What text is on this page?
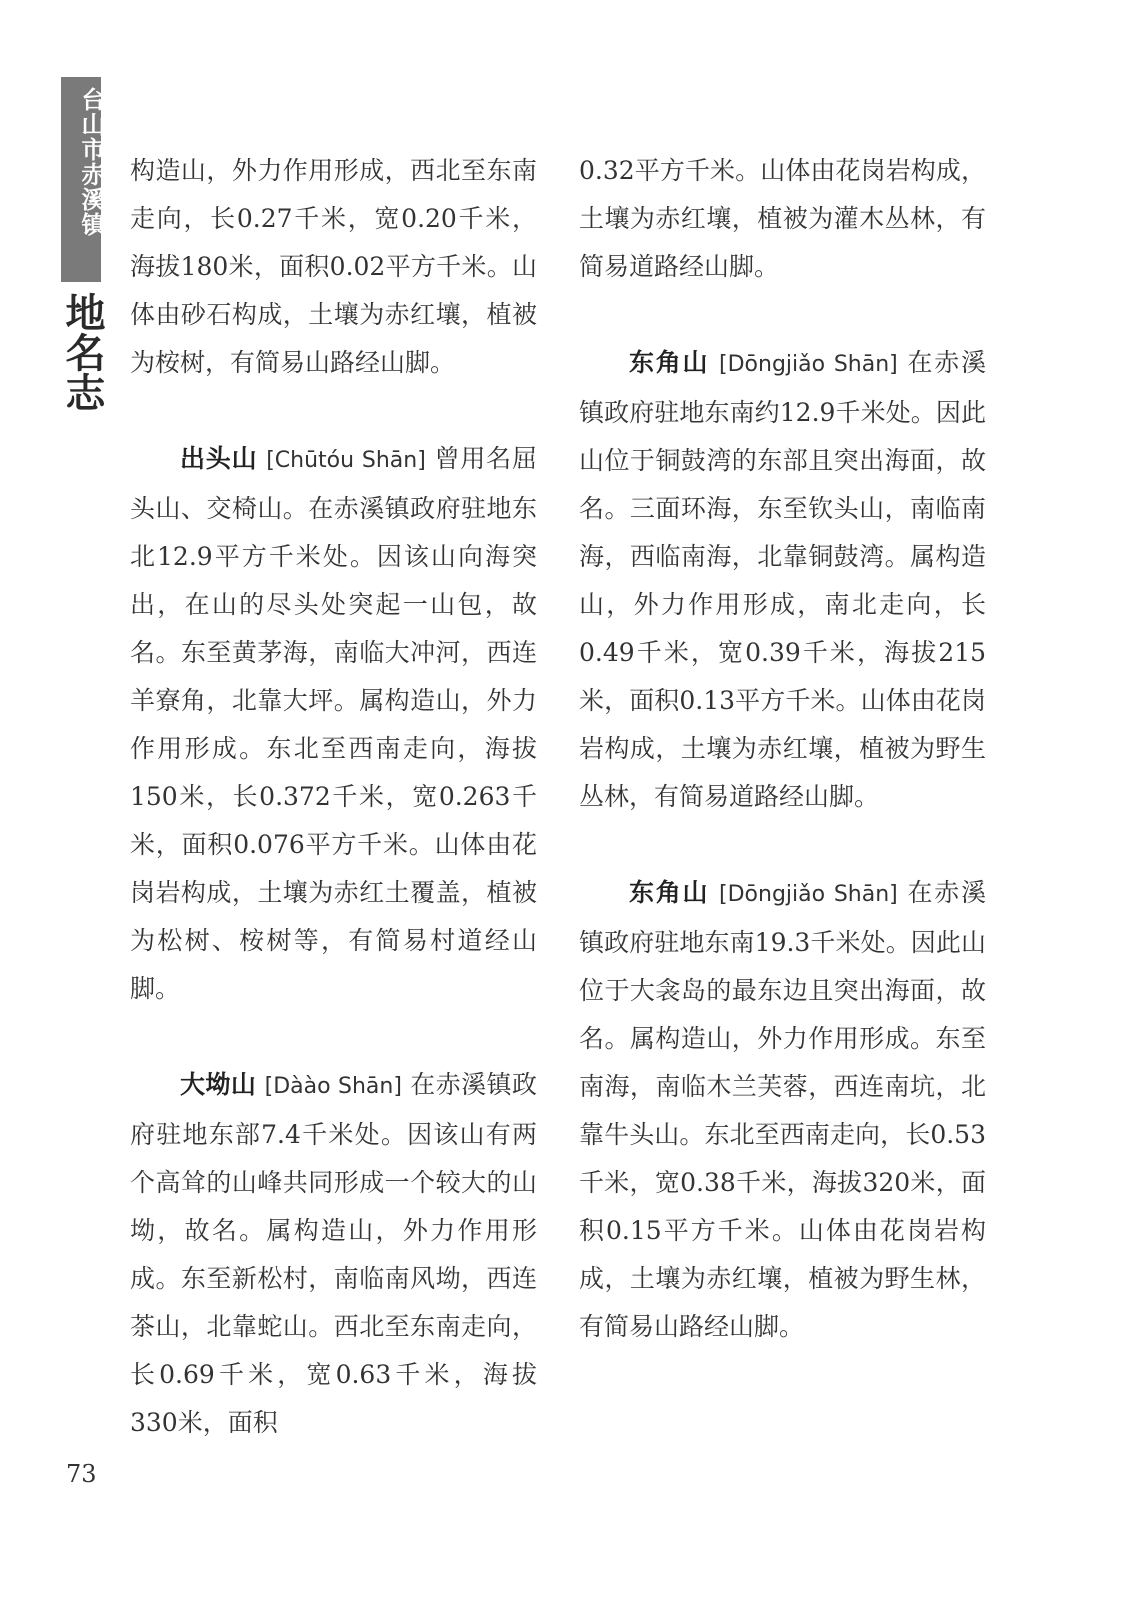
台山市赤溪镇
地名志

构造山，外力作用形成，西北至东南走向，长0.27千米，宽0.20千米，海拔180米，面积0.02平方千米。山体由砂石构成，土壤为赤红壤，植被为桉树，有简易山路经山脚。

出头山 [Chūtóu Shān] 曾用名屈头山、交椅山。在赤溪镇政府驻地东北12.9平方千米处。因该山向海突出，在山的尽头处突起一山包，故名。东至黄茅海，南临大冲河，西连羊寮角，北靠大坪。属构造山，外力作用形成。东北至西南走向，海拔150米，长0.372千米，宽0.263千米，面积0.076平方千米。山体由花岗岩构成，土壤为赤红土覆盖，植被为松树、桉树等，有简易村道经山脚。

大坳山 [Dàào Shān] 在赤溪镇政府驻地东部7.4千米处。因该山有两个高耸的山峰共同形成一个较大的山坳，故名。属构造山，外力作用形成。东至新松村，南临南风坳，西连茶山，北靠蛇山。西北至东南走向，长0.69千米，宽0.63千米，海拔330米，面积

0.32平方千米。山体由花岗岩构成，土壤为赤红壤，植被为灌木丛林，有简易道路经山脚。

东角山 [Dōngjiǎo Shān] 在赤溪镇政府驻地东南约12.9千米处。因此山位于铜鼓湾的东部且突出海面，故名。三面环海，东至钦头山，南临南海，西临南海，北靠铜鼓湾。属构造山，外力作用形成，南北走向，长0.49千米，宽0.39千米，海拔215米，面积0.13平方千米。山体由花岗岩构成，土壤为赤红壤，植被为野生丛林，有简易道路经山脚。

东角山 [Dōngjiǎo Shān] 在赤溪镇政府驻地东南19.3千米处。因此山位于大衾岛的最东边且突出海面，故名。属构造山，外力作用形成。东至南海，南临木兰芙蓉，西连南坑，北靠牛头山。东北至西南走向，长0.53千米，宽0.38千米，海拔320米，面积0.15平方千米。山体由花岗岩构成，土壤为赤红壤，植被为野生林，有简易山路经山脚。

73
